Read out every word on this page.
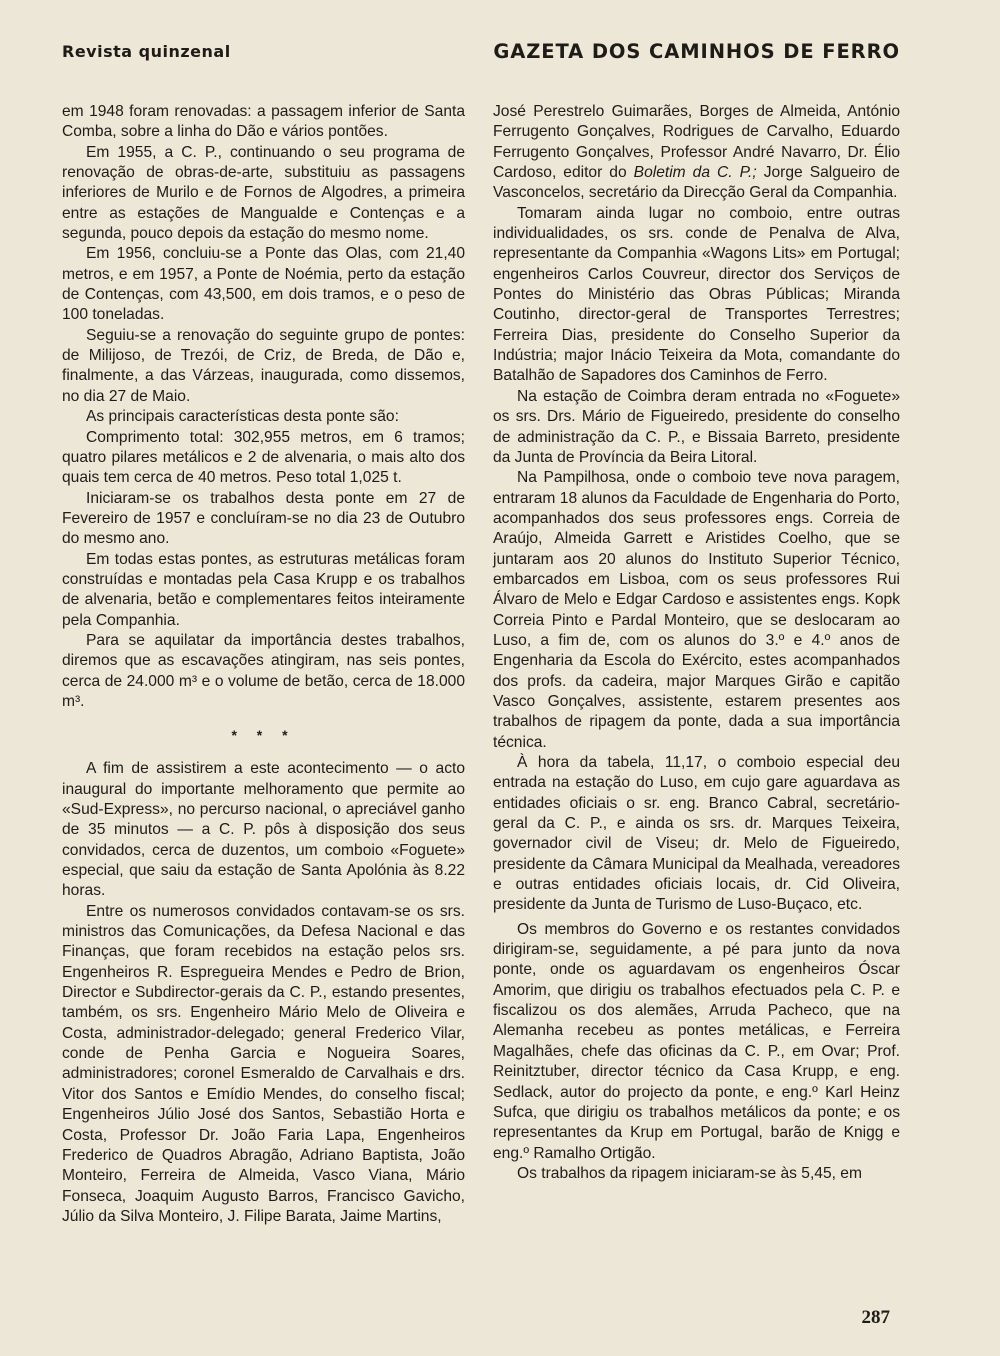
Revista quinzenal	GAZETA DOS CAMINHOS DE FERRO

em 1948 foram renovadas: a passagem inferior de Santa Comba, sobre a linha do Dão e vários pontões.

Em 1955, a C. P., continuando o seu programa de renovação de obras-de-arte, substituiu as passagens inferiores de Murilo e de Fornos de Algodres, a primeira entre as estações de Mangualde e Contenças e a segunda, pouco depois da estação do mesmo nome.

Em 1956, concluiu-se a Ponte das Olas, com 21,40 metros, e em 1957, a Ponte de Noémia, perto da estação de Contenças, com 43,500, em dois tramos, e o peso de 100 toneladas.

Seguiu-se a renovação do seguinte grupo de pontes: de Milijoso, de Trezói, de Criz, de Breda, de Dão e, finalmente, a das Várzeas, inaugurada, como dissemos, no dia 27 de Maio.

As principais características desta ponte são:

Comprimento total: 302,955 metros, em 6 tramos; quatro pilares metálicos e 2 de alvenaria, o mais alto dos quais tem cerca de 40 metros. Peso total 1,025 t.

Iniciaram-se os trabalhos desta ponte em 27 de Fevereiro de 1957 e concluíram-se no dia 23 de Outubro do mesmo ano.

Em todas estas pontes, as estruturas metálicas foram construídas e montadas pela Casa Krupp e os trabalhos de alvenaria, betão e complementares feitos inteiramente pela Companhia.

Para se aquilatar da importância destes trabalhos, diremos que as escavações atingiram, nas seis pontes, cerca de 24.000 m³ e o volume de betão, cerca de 18.000 m³.

* * *

A fim de assistirem a este acontecimento — o acto inaugural do importante melhoramento que permite ao «Sud-Express», no percurso nacional, o apreciável ganho de 35 minutos — a C. P. pôs à disposição dos seus convidados, cerca de duzentos, um comboio «Foguete» especial, que saiu da estação de Santa Apolónia às 8.22 horas.

Entre os numerosos convidados contavam-se os srs. ministros das Comunicações, da Defesa Nacional e das Finanças, que foram recebidos na estação pelos srs. Engenheiros R. Espregueira Mendes e Pedro de Brion, Director e Subdirector-gerais da C. P., estando presentes, também, os srs. Engenheiro Mário Melo de Oliveira e Costa, administrador-delegado; general Frederico Vilar, conde de Penha Garcia e Nogueira Soares, administradores; coronel Esmeraldo de Carvalhais e drs. Vitor dos Santos e Emídio Mendes, do conselho fiscal; Engenheiros Júlio José dos Santos, Sebastião Horta e Costa, Professor Dr. João Faria Lapa, Engenheiros Frederico de Quadros Abragão, Adriano Baptista, João Monteiro, Ferreira de Almeida, Vasco Viana, Mário Fonseca, Joaquim Augusto Barros, Francisco Gavicho, Júlio da Silva Monteiro, J. Filipe Barata, Jaime Martins,

José Perestrelo Guimarães, Borges de Almeida, António Ferrugento Gonçalves, Rodrigues de Carvalho, Eduardo Ferrugento Gonçalves, Professor André Navarro, Dr. Élio Cardoso, editor do Boletim da C. P.; Jorge Salgueiro de Vasconcelos, secretário da Direcção Geral da Companhia.

Tomaram ainda lugar no comboio, entre outras individualidades, os srs. conde de Penalva de Alva, representante da Companhia «Wagons Lits» em Portugal; engenheiros Carlos Couvreur, director dos Serviços de Pontes do Ministério das Obras Públicas; Miranda Coutinho, director-geral de Transportes Terrestres; Ferreira Dias, presidente do Conselho Superior da Indústria; major Inácio Teixeira da Mota, comandante do Batalhão de Sapadores dos Caminhos de Ferro.

Na estação de Coimbra deram entrada no «Foguete» os srs. Drs. Mário de Figueiredo, presidente do conselho de administração da C. P., e Bissaia Barreto, presidente da Junta de Província da Beira Litoral.

Na Pampilhosa, onde o comboio teve nova paragem, entraram 18 alunos da Faculdade de Engenharia do Porto, acompanhados dos seus professores engs. Correia de Araújo, Almeida Garrett e Aristides Coelho, que se juntaram aos 20 alunos do Instituto Superior Técnico, embarcados em Lisboa, com os seus professores Rui Álvaro de Melo e Edgar Cardoso e assistentes engs. Kopk Correia Pinto e Pardal Monteiro, que se deslocaram ao Luso, a fim de, com os alunos do 3.º e 4.º anos de Engenharia da Escola do Exército, estes acompanhados dos profs. da cadeira, major Marques Girão e capitão Vasco Gonçalves, assistente, estarem presentes aos trabalhos de ripagem da ponte, dada a sua importância técnica.

À hora da tabela, 11,17, o comboio especial deu entrada na estação do Luso, em cujo gare aguardava as entidades oficiais o sr. eng. Branco Cabral, secretário-geral da C. P., e ainda os srs. dr. Marques Teixeira, governador civil de Viseu; dr. Melo de Figueiredo, presidente da Câmara Municipal da Mealhada, vereadores e outras entidades oficiais locais, dr. Cid Oliveira, presidente da Junta de Turismo de Luso-Buçaco, etc.

Os membros do Governo e os restantes convidados dirigiram-se, seguidamente, a pé para junto da nova ponte, onde os aguardavam os engenheiros Óscar Amorim, que dirigiu os trabalhos efectuados pela C. P. e fiscalizou os dos alemães, Arruda Pacheco, que na Alemanha recebeu as pontes metálicas, e Ferreira Magalhães, chefe das oficinas da C. P., em Ovar; Prof. Reinitztuber, director técnico da Casa Krupp, e eng. Sedlack, autor do projecto da ponte, e eng.º Karl Heinz Sufca, que dirigiu os trabalhos metálicos da ponte; e os representantes da Krup em Portugal, barão de Knigg e eng.º Ramalho Ortigão.

Os trabalhos da ripagem iniciaram-se às 5,45, em

287
